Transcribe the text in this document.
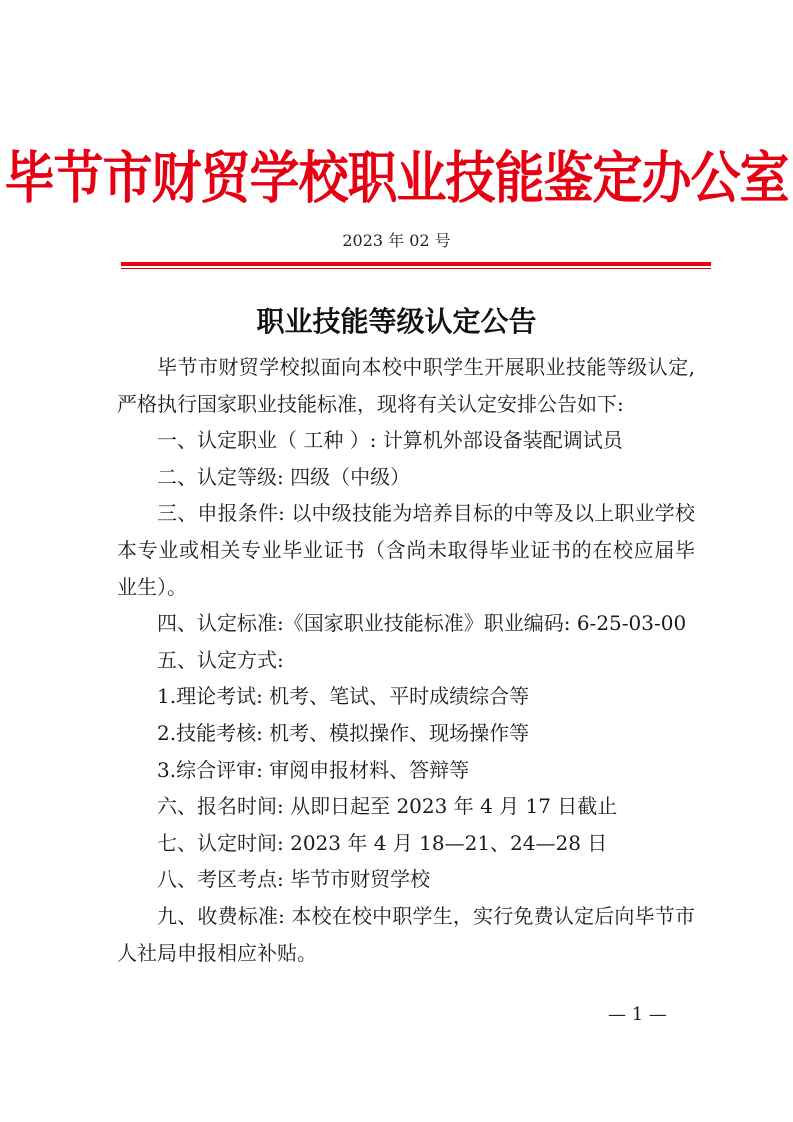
毕节市财贸学校职业技能鉴定办公室
2023 年 02 号
职业技能等级认定公告

毕节市财贸学校拟面向本校中职学生开展职业技能等级认定,严格执行国家职业技能标准，现将有关认定安排公告如下:

一、认定职业（ 工种 ）: 计算机外部设备装配调试员

二、认定等级: 四级（中级）

三、申报条件: 以中级技能为培养目标的中等及以上职业学校本专业或相关专业毕业证书（含尚未取得毕业证书的在校应届毕业生）。

四、认定标准:《国家职业技能标准》职业编码: 6-25-03-00

五、认定方式:

1.理论考试: 机考、笔试、平时成绩综合等

2.技能考核: 机考、模拟操作、现场操作等

3.综合评审: 审阅申报材料、答辩等

六、报名时间: 从即日起至 2023 年 4 月 17 日截止

七、认定时间: 2023 年 4 月 18—21、24—28 日

八、考区考点: 毕节市财贸学校

九、收费标准: 本校在校中职学生，实行免费认定后向毕节市人社局申报相应补贴。

— 1 —
